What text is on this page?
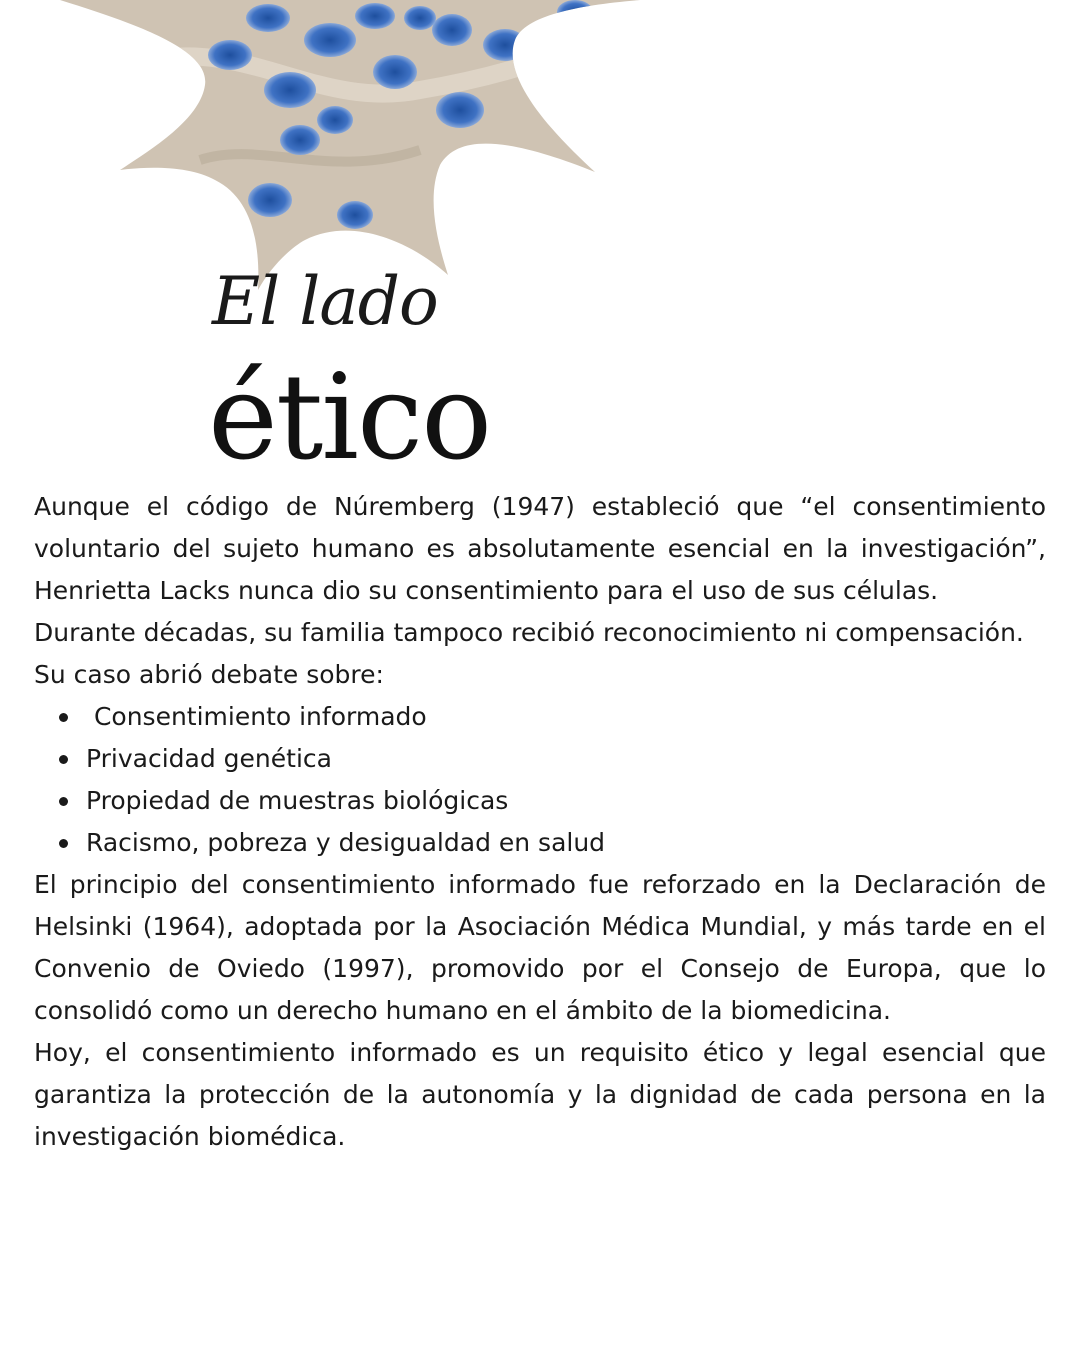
El lado
ético

Aunque el código de Núremberg (1947) estableció que “el consentimiento voluntario del sujeto humano es absolutamente esencial en la investigación”, Henrietta Lacks nunca dio su consentimiento para el uso de sus células.

Durante décadas, su familia tampoco recibió reconocimiento ni compensación.

Su caso abrió debate sobre:

Consentimiento informado
Privacidad genética
Propiedad de muestras biológicas
Racismo, pobreza y desigualdad en salud

El principio del consentimiento informado fue reforzado en la Declaración de Helsinki (1964), adoptada por la Asociación Médica Mundial, y más tarde en el Convenio de Oviedo (1997), promovido por el Consejo de Europa, que lo consolidó como un derecho humano en el ámbito de la biomedicina.

Hoy, el consentimiento informado es un requisito ético y legal esencial que garantiza la protección de la autonomía y la dignidad de cada persona en la investigación biomédica.
